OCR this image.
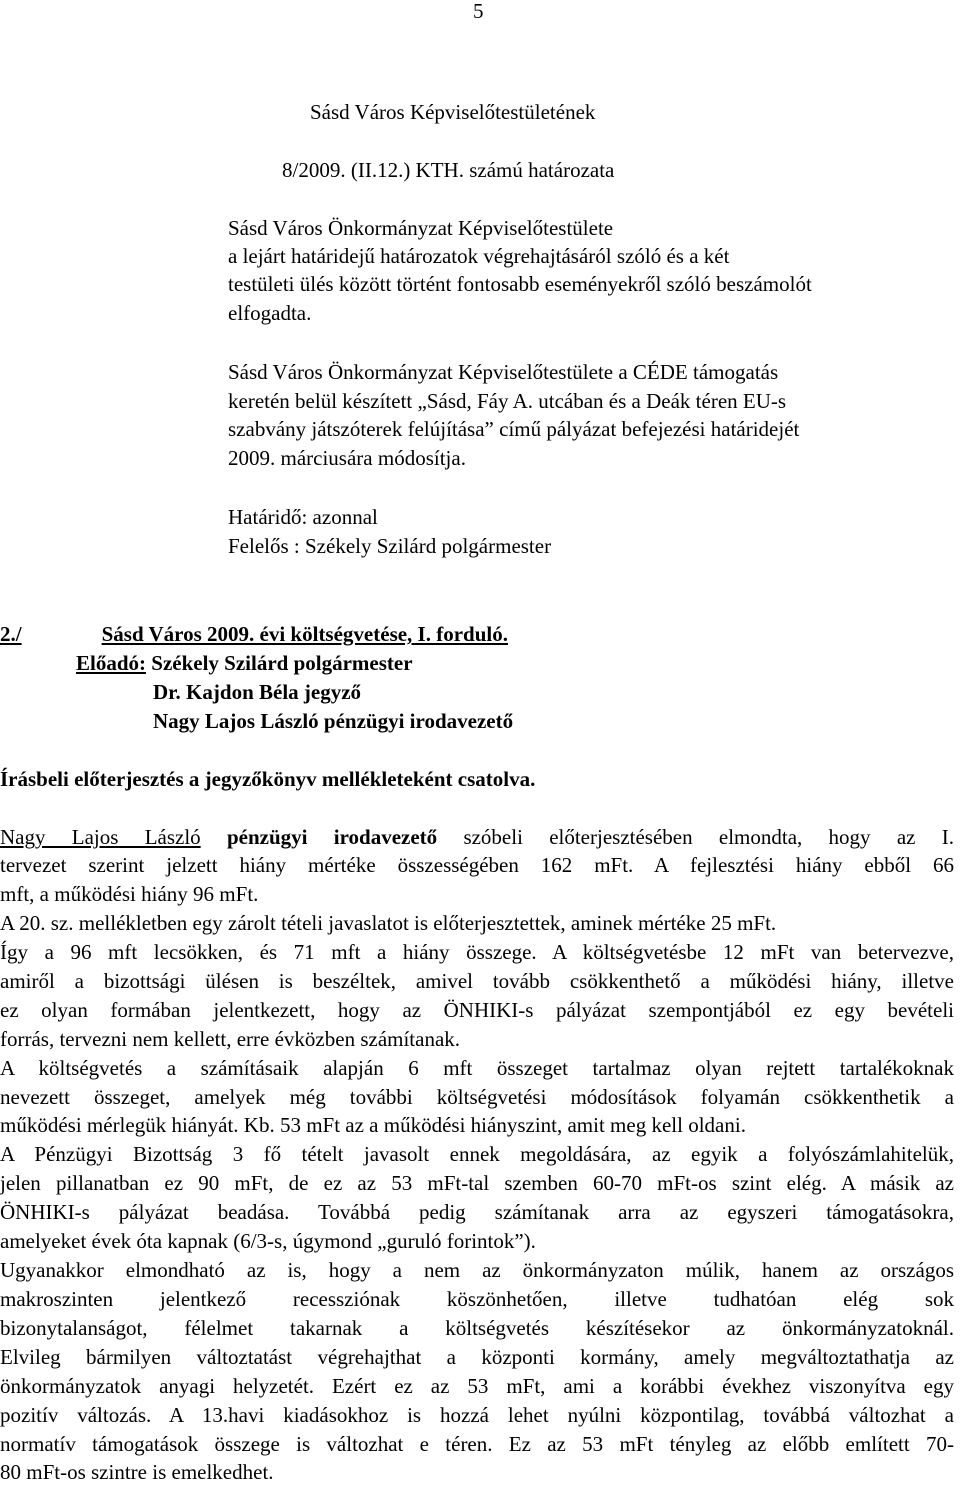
5
Sásd Város Képviselőtestületének
8/2009. (II.12.) KTH. számú határozata
Sásd Város Önkormányzat Képviselőtestülete
a lejárt határidejű határozatok végrehajtásáról szóló és a két
testületi ülés között történt fontosabb eseményekről szóló beszámolót
elfogadta.
Sásd Város Önkormányzat Képviselőtestülete a CÉDE támogatás
keretén belül készített „Sásd, Fáy A. utcában és a Deák téren EU-s
szabvány játszóterek felújítása” című pályázat befejezési határidejét
2009. márciusára módosítja.
Határidő: azonnal
Felelős : Székely Szilárd polgármester
2./	Sásd Város 2009. évi költségvetése, I. forduló.
Előadó: Székely Szilárd polgármester
Dr. Kajdon Béla jegyző
Nagy Lajos László pénzügyi irodavezető
Írásbeli előterjesztés a jegyzőkönyv mellékleteként csatolva.
Nagy Lajos László pénzügyi irodavezető szóbeli előterjesztésében elmondta, hogy az I.
tervezet szerint jelzett hiány mértéke összességében 162 mFt. A fejlesztési hiány ebből 66
mft, a működési hiány 96 mFt.
A 20. sz. mellékletben egy zárolt tételi javaslatot is előterjesztettek, aminek mértéke 25 mFt.
Így a 96 mft lecsökken, és 71 mft a hiány összege. A költségvetésbe 12 mFt van betervezve,
amiről a bizottsági ülésen is beszéltek, amivel tovább csökkenthető a működési hiány, illetve
ez olyan formában jelentkezett, hogy az ÖNHIKI-s pályázat szempontjából ez egy bevételi
forrás, tervezni nem kellett, erre évközben számítanak.
A költségvetés a számításaik alapján 6 mft összeget tartalmaz olyan rejtett tartalékoknak
nevezett összeget, amelyek még további költségvetési módosítások folyamán csökkenthetik a
működési mérlegük hiányát. Kb. 53 mFt az a működési hiányszint, amit meg kell oldani.
A Pénzügyi Bizottság 3 fő tételt javasolt ennek megoldására, az egyik a folyószámlahitelük,
jelen pillanatban ez 90 mFt, de ez az 53 mFt-tal szemben 60-70 mFt-os szint elég. A másik az
ÖNHIKI-s pályázat beadása. Továbbá pedig számítanak arra az egyszeri támogatásokra,
amelyeket évek óta kapnak (6/3-s, úgymond „guruló forintok”).
Ugyanakkor elmondható az is, hogy a nem az önkormányzaton múlik, hanem az országos
makroszinten jelentkező recessziónak köszönhetően, illetve tudhatóan elég sok
bizonytalanságot, félelmet takarnak a költségvetés készítésekor az önkormányzatoknál.
Elvileg bármilyen változtatást végrehajthat a központi kormány, amely megváltoztathatja az
önkormányzatok anyagi helyzetét. Ezért ez az 53 mFt, ami a korábbi évekhez viszonyítva egy
pozitív változás. A 13.havi kiadásokhoz is hozzá lehet nyúlni központilag, továbbá változhat a
normatív támogatások összege is változhat e téren. Ez az 53 mFt tényleg az előbb említett 70-
80 mFt-os szintre is emelkedhet.
